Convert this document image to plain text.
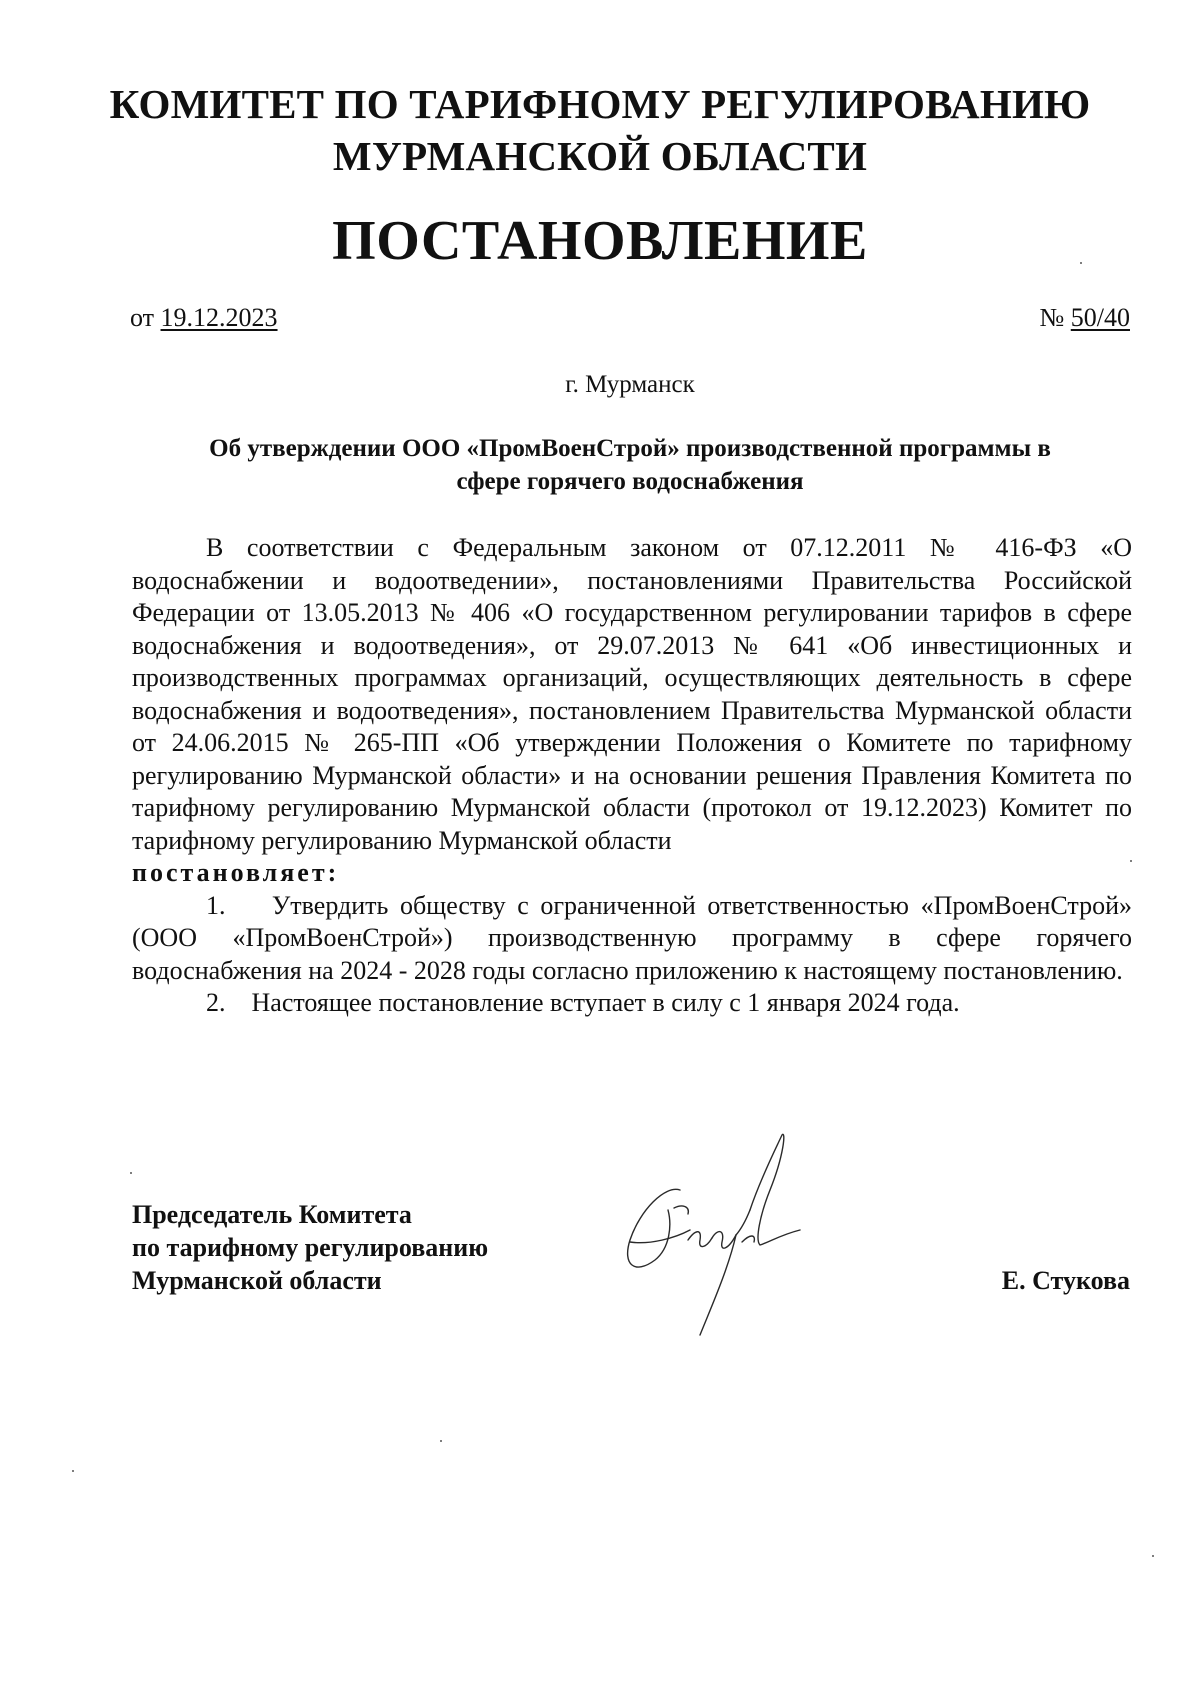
КОМИТЕТ ПО ТАРИФНОМУ РЕГУЛИРОВАНИЮ
МУРМАНСКОЙ ОБЛАСТИ
ПОСТАНОВЛЕНИЕ
от 19.12.2023	№ 50/40
г. Мурманск
Об утверждении ООО «ПромВоенСтрой» производственной программы в
сфере горячего водоснабжения

В соответствии с Федеральным законом от 07.12.2011 № 416-ФЗ «О водоснабжении и водоотведении», постановлениями Правительства Российской Федерации от 13.05.2013 № 406 «О государственном регулировании тарифов в сфере водоснабжения и водоотведения», от 29.07.2013 № 641 «Об инвестиционных и производственных программах организаций, осуществляющих деятельность в сфере водоснабжения и водоотведения», постановлением Правительства Мурманской области от 24.06.2015 № 265-ПП «Об утверждении Положения о Комитете по тарифному регулированию Мурманской области» и на основании решения Правления Комитета по тарифному регулированию Мурманской области (протокол от 19.12.2023) Комитет по тарифному регулированию Мурманской области

постановляет:

1. Утвердить обществу с ограниченной ответственностью «ПромВоенСтрой» (ООО «ПромВоенСтрой») производственную программу в сфере горячего водоснабжения на 2024 - 2028 годы согласно приложению к настоящему постановлению.

2. Настоящее постановление вступает в силу с 1 января 2024 года.

Председатель Комитета
по тарифному регулированию
Мурманской области	Е. Стукова
